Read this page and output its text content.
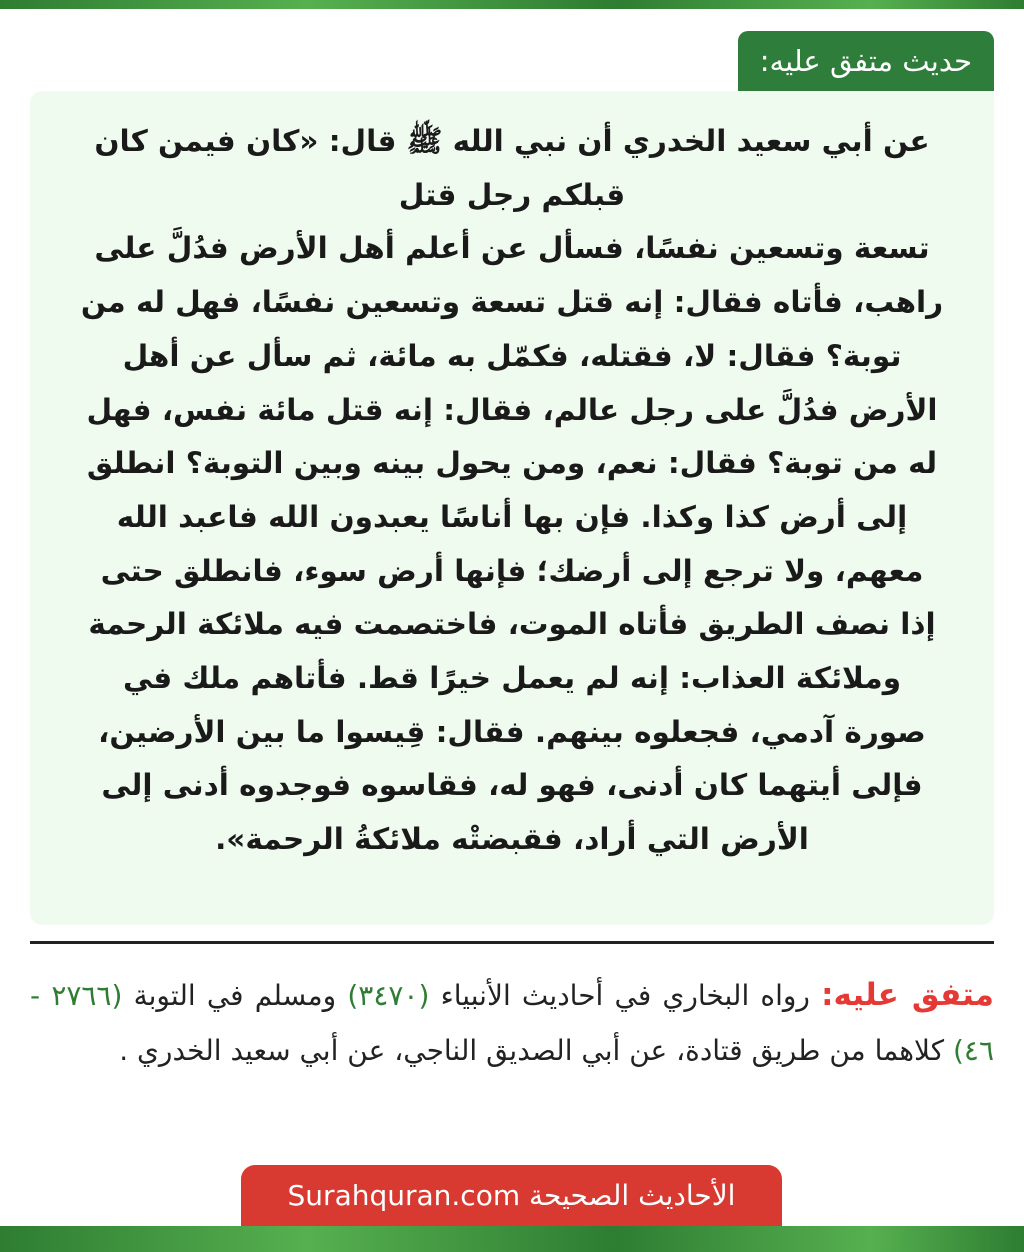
حديث متفق عليه:

عن أبي سعيد الخدري أن نبي الله ﷺ قال: «كان فيمن كان
قبلكم رجل قتل
تسعة وتسعين نفسًا، فسأل عن أعلم أهل الأرض فدُلَّ على راهب، فأتاه فقال: إنه قتل تسعة وتسعين نفسًا، فهل له من توبة؟ فقال: لا، فقتله، فكمّل به مائة، ثم سأل عن أهل الأرض فدُلَّ على رجل عالم، فقال: إنه قتل مائة نفس، فهل له من توبة؟ فقال: نعم، ومن يحول بينه وبين التوبة؟ انطلق إلى أرض كذا وكذا. فإن بها أناسًا يعبدون الله فاعبد الله معهم، ولا ترجع إلى أرضك؛ فإنها أرض سوء، فانطلق حتى إذا نصف الطريق فأتاه الموت، فاختصمت فيه ملائكة الرحمة وملائكة العذاب: إنه لم يعمل خيرًا قط. فأتاهم ملك في صورة آدمي، فجعلوه بينهم. فقال: قِيسوا ما بين الأرضين، فإلى أيتهما كان أدنى، فهو له، فقاسوه فوجدوه أدنى إلى الأرض التي أراد، فقبضتْه ملائكةُ الرحمة».

متفق عليه: رواه البخاري في أحاديث الأنبياء (٣٤٧٠) ومسلم في التوبة (٢٧٦٦ - ٤٦) كلاهما من طريق قتادة، عن أبي الصديق الناجي، عن أبي سعيد الخدري .

الأحاديث الصحيحة Surahquran.com
